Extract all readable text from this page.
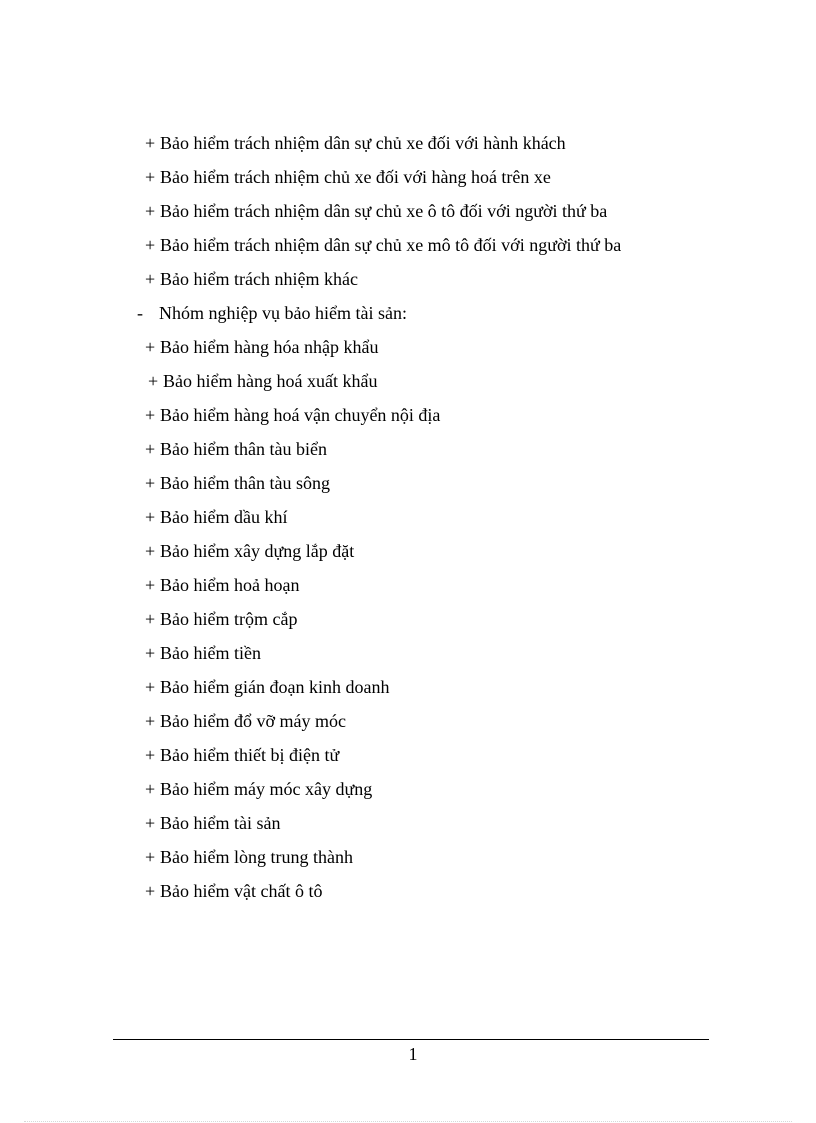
+ Bảo hiểm trách nhiệm dân sự chủ xe đối với hành khách
+ Bảo hiểm trách nhiệm chủ xe đối với hàng hoá trên xe
+ Bảo hiểm trách nhiệm dân sự chủ xe ô tô đối với người thứ ba
+ Bảo hiểm trách nhiệm dân sự chủ xe mô tô đối với người thứ ba
+ Bảo hiểm trách nhiệm khác
- Nhóm nghiệp vụ bảo hiểm tài sản:
+ Bảo hiểm hàng hóa nhập khẩu
+ Bảo hiểm hàng hoá xuất khẩu
+ Bảo hiểm hàng hoá vận chuyển nội địa
+ Bảo hiểm thân tàu biển
+ Bảo hiểm thân tàu sông
+ Bảo hiểm dầu khí
+ Bảo hiểm xây dựng lắp đặt
+ Bảo hiểm hoả hoạn
+ Bảo hiểm trộm cắp
+ Bảo hiểm tiền
+ Bảo hiểm gián đoạn kinh doanh
+ Bảo hiểm đổ vỡ máy móc
+ Bảo hiểm thiết bị điện tử
+ Bảo hiểm máy móc xây dựng
+ Bảo hiểm tài sản
+ Bảo hiểm lòng trung thành
+ Bảo hiểm vật chất ô tô
1
